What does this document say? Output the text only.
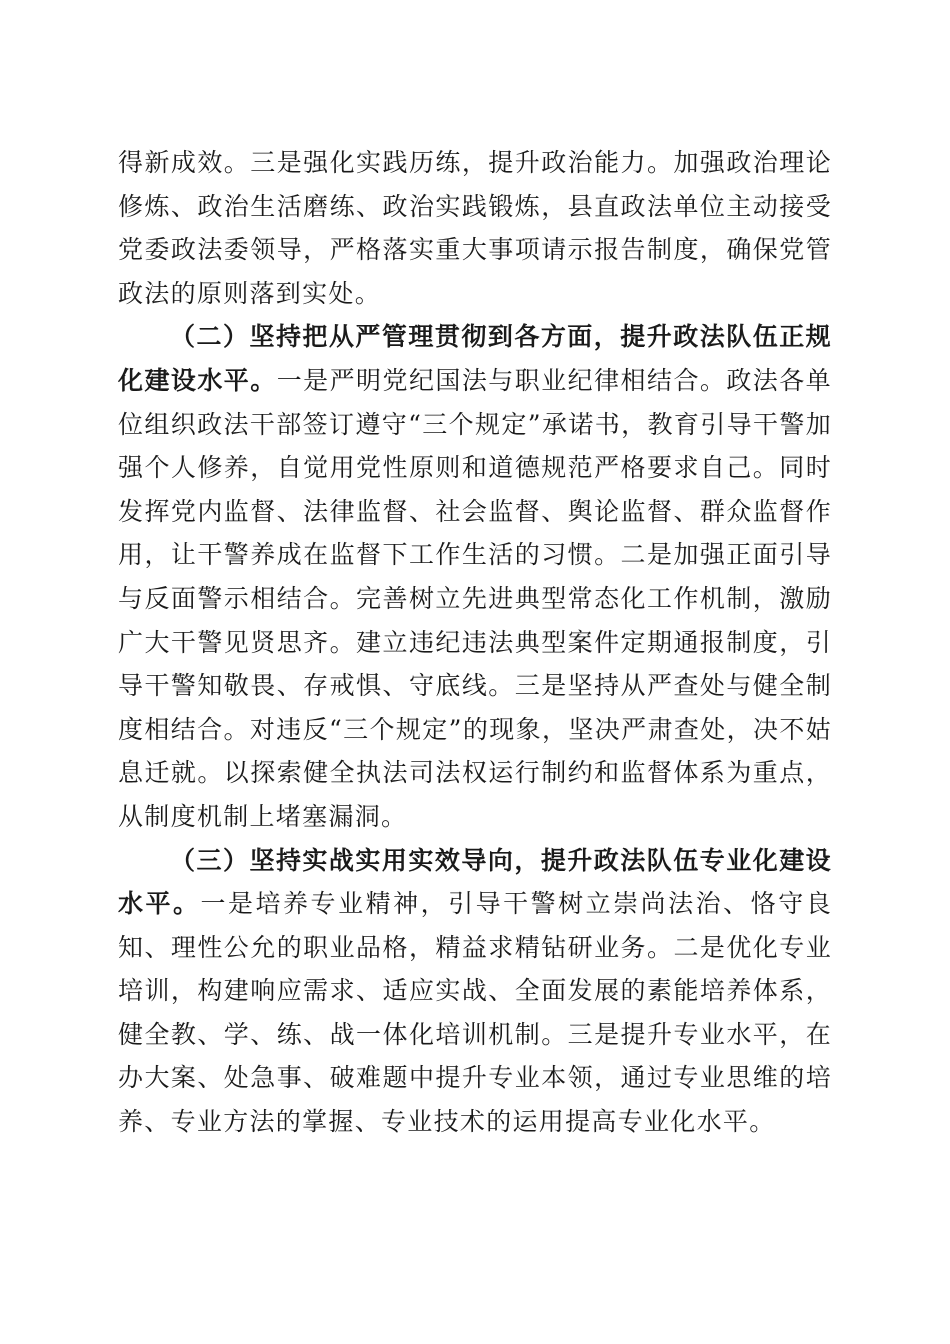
得新成效。三是强化实践历练，提升政治能力。加强政治理论修炼、政治生活磨练、政治实践锻炼，县直政法单位主动接受党委政法委领导，严格落实重大事项请示报告制度，确保党管政法的原则落到实处。

（二）坚持把从严管理贯彻到各方面，提升政法队伍正规化建设水平。一是严明党纪国法与职业纪律相结合。政法各单位组织政法干部签订遵守“三个规定”承诺书，教育引导干警加强个人修养，自觉用党性原则和道德规范严格要求自己。同时发挥党内监督、法律监督、社会监督、舆论监督、群众监督作用，让干警养成在监督下工作生活的习惯。二是加强正面引导与反面警示相结合。完善树立先进典型常态化工作机制，激励广大干警见贤思齐。建立违纪违法典型案件定期通报制度，引导干警知敬畏、存戒惧、守底线。三是坚持从严查处与健全制度相结合。对违反“三个规定”的现象，坚决严肃查处，决不姑息迁就。以探索健全执法司法权运行制约和监督体系为重点，从制度机制上堵塞漏洞。

（三）坚持实战实用实效导向，提升政法队伍专业化建设水平。一是培养专业精神，引导干警树立崇尚法治、恪守良知、理性公允的职业品格，精益求精钻研业务。二是优化专业培训，构建响应需求、适应实战、全面发展的素能培养体系，健全教、学、练、战一体化培训机制。三是提升专业水平，在办大案、处急事、破难题中提升专业本领，通过专业思维的培养、专业方法的掌握、专业技术的运用提高专业化水平。
